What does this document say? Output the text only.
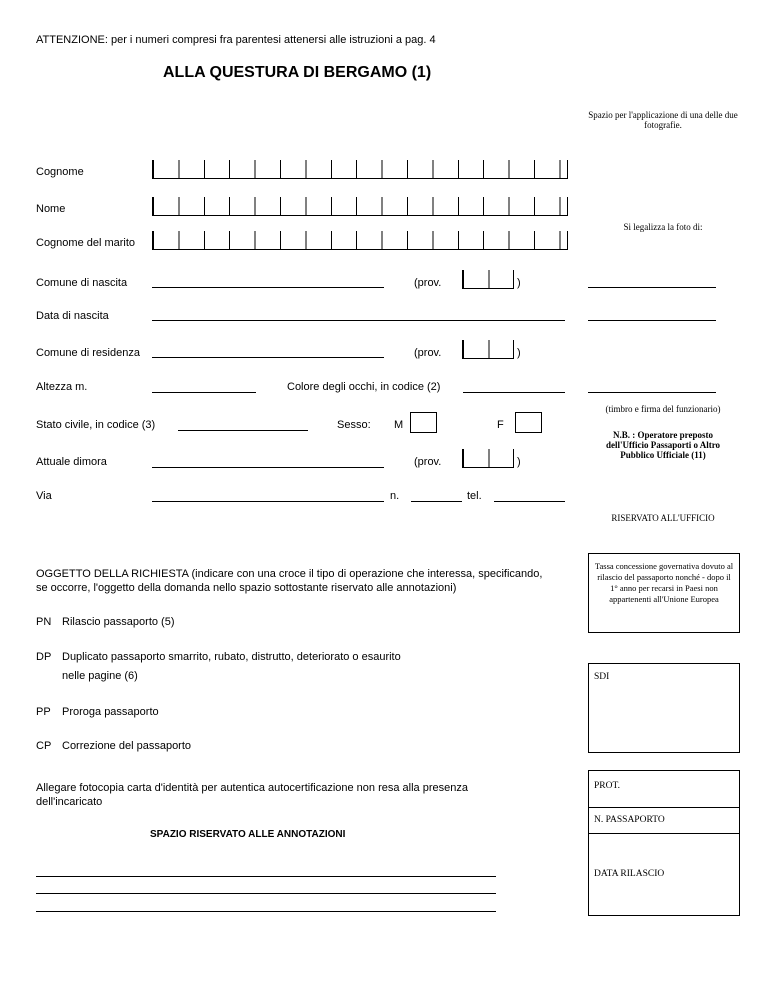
ATTENZIONE: per i numeri compresi fra parentesi attenersi alle istruzioni a pag. 4
ALLA QUESTURA DI BERGAMO (1)
Spazio per l'applicazione di una delle due fotografie.
Si legalizza la foto di:
(timbro e firma del funzionario)
N.B. : Operatore preposto dell'Ufficio Passaporti o Altro Pubblico Ufficiale (11)
RISERVATO ALL'UFFICIO
Tassa concessione governativa dovuto al rilascio del passaporto nonché - dopo il 1° anno per recarsi in Paesi non appartenenti all'Unione Europea
SDI
PROT.
N. PASSAPORTO
DATA RILASCIO
Cognome
Nome
Cognome del marito
Comune di nascita	(prov.	)
Data di nascita
Comune di residenza	(prov.	)
Altezza m.	Colore degli occhi, in codice (2)
Stato civile, in codice (3)	Sesso: M	F
Attuale dimora	(prov.	)
Via	n.	tel.
OGGETTO DELLA RICHIESTA (indicare con una croce il tipo di operazione che interessa, specificando, se occorre, l'oggetto della domanda nello spazio sottostante riservato alle annotazioni)
PN Rilascio passaporto (5)
DP Duplicato passaporto smarrito, rubato, distrutto, deteriorato o esaurito
nelle pagine (6)
PP Proroga passaporto
CP Correzione del passaporto
Allegare fotocopia carta d'identità per autentica autocertificazione non resa alla presenza dell'incaricato
SPAZIO RISERVATO ALLE ANNOTAZIONI
